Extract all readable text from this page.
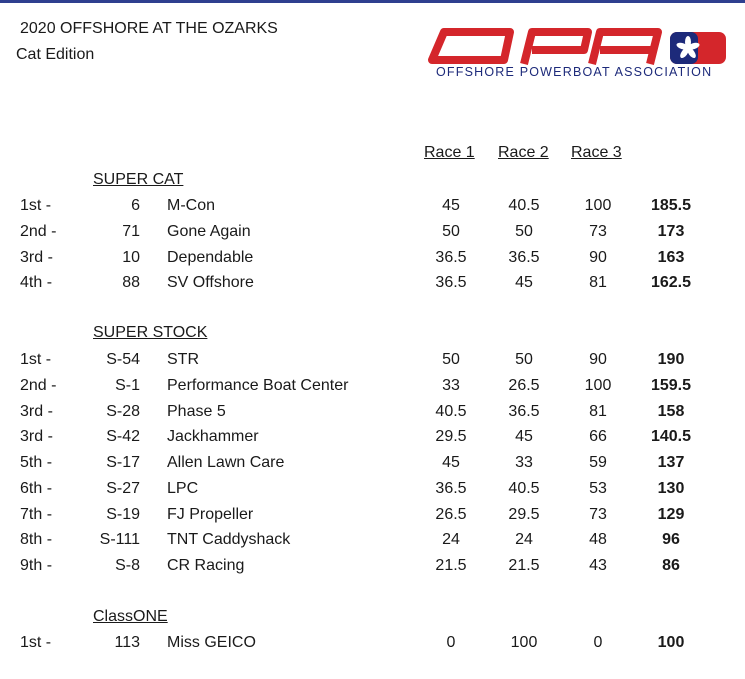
2020 OFFSHORE AT THE OZARKS
Cat Edition
OFFSHORE POWERBOAT ASSOCIATION
Race 1 Race 2 Race 3
SUPER CAT
1st -	6 M-Con	45	40.5	100	185.5
2nd -	71 Gone Again	50	50	73	173
3rd -	10 Dependable	36.5	36.5	90	163
4th -	88 SV Offshore	36.5	45	81	162.5
SUPER STOCK
1st -	S-54 STR	50	50	90	190
2nd -	S-1 Performance Boat Center	33	26.5	100	159.5
3rd -	S-28 Phase 5	40.5	36.5	81	158
3rd -	S-42 Jackhammer	29.5	45	66	140.5
5th -	S-17 Allen Lawn Care	45	33	59	137
6th -	S-27 LPC	36.5	40.5	53	130
7th -	S-19 FJ Propeller	26.5	29.5	73	129
8th -	S-111 TNT Caddyshack	24	24	48	96
9th -	S-8 CR Racing	21.5	21.5	43	86
ClassONE
1st -	113 Miss GEICO	0	100	0	100
